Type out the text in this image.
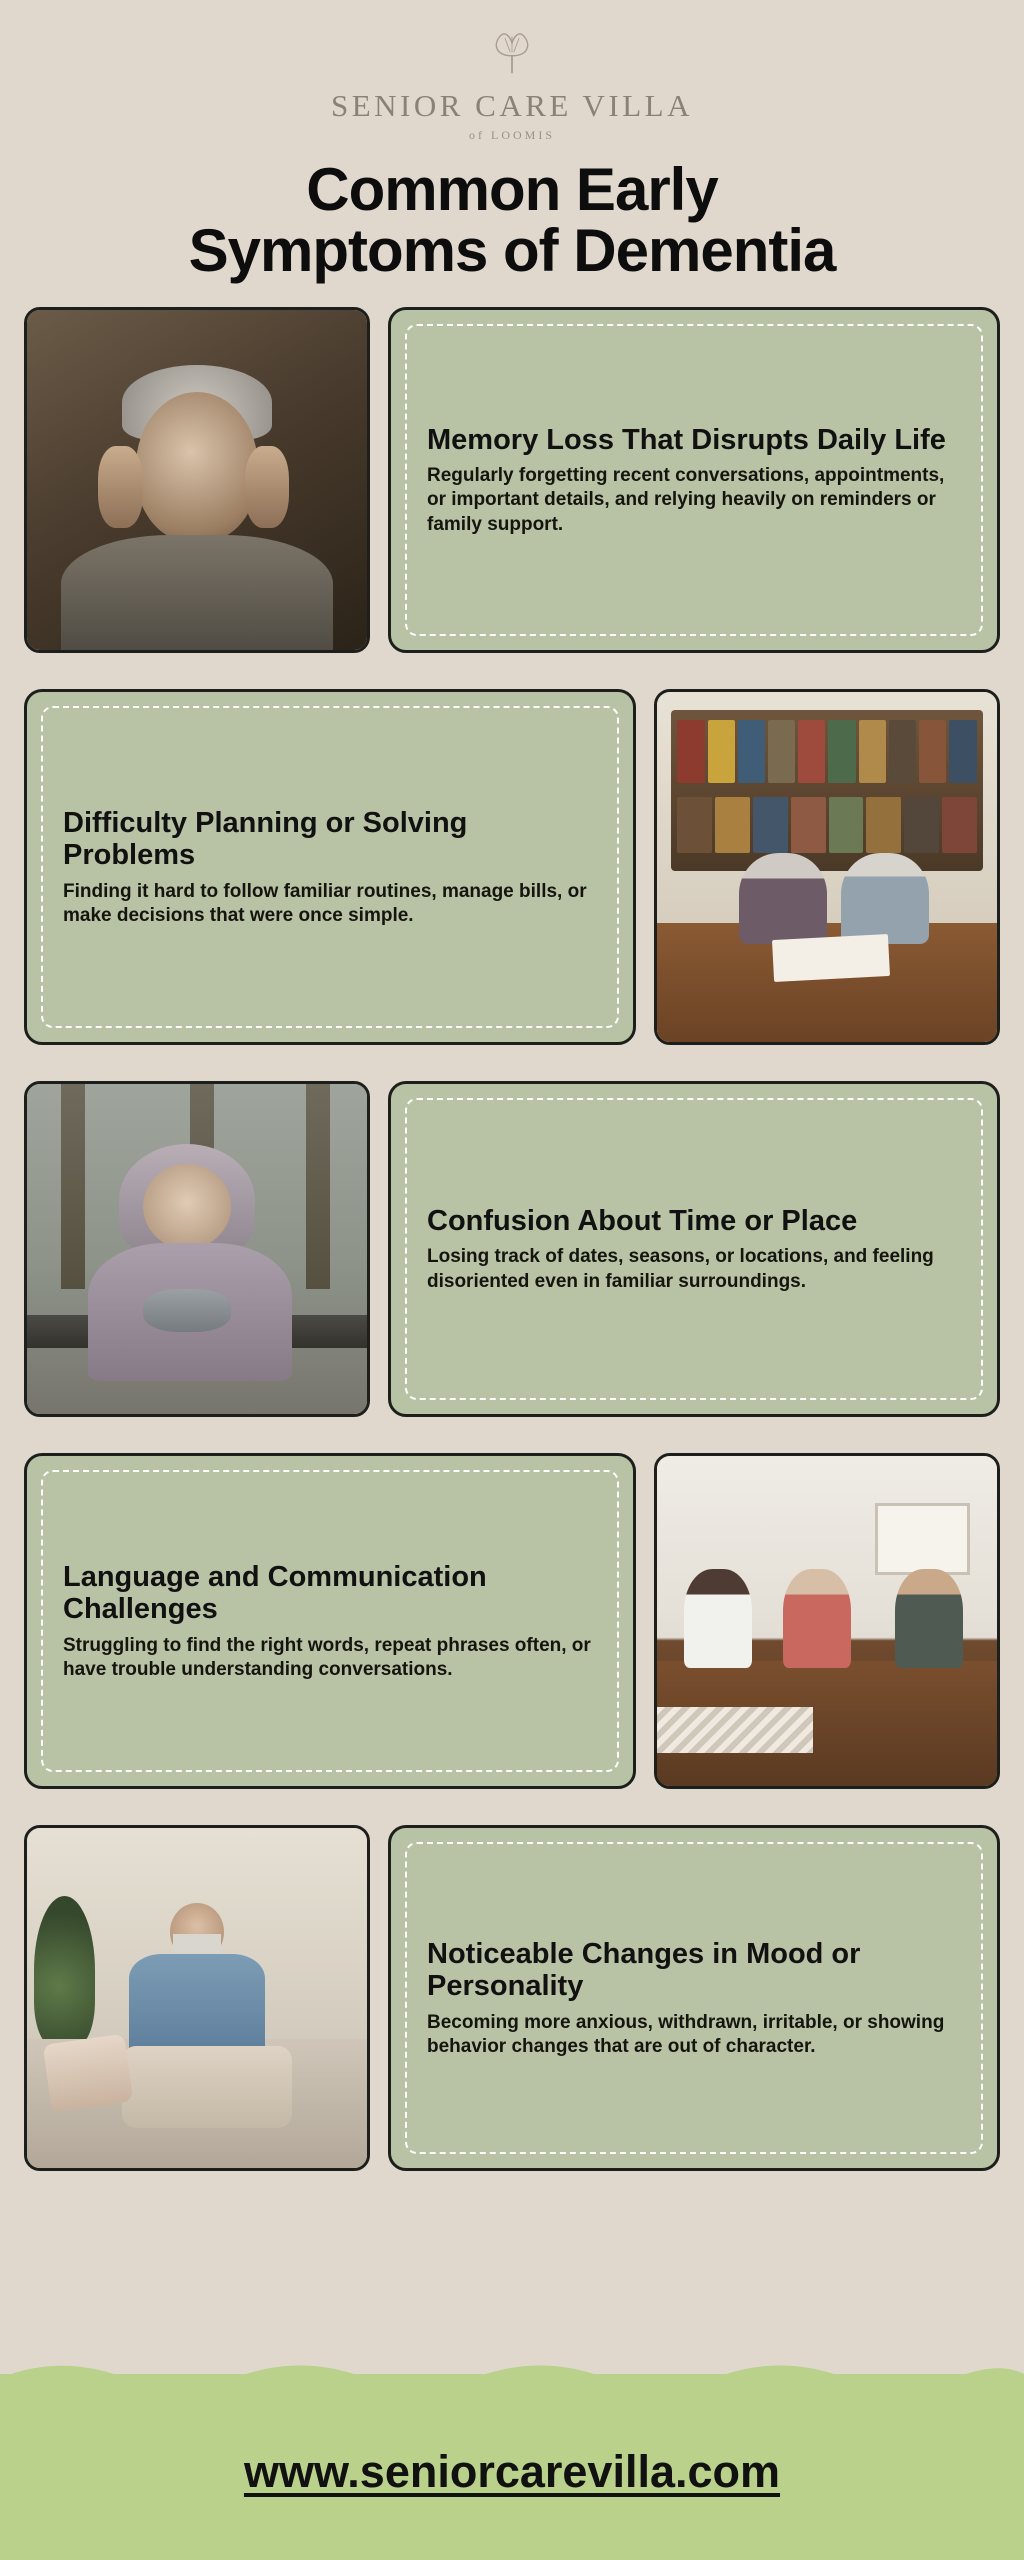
SENIOR CARE VILLA
of LOOMIS
Common Early
Symptoms of Dementia
Memory Loss That Disrupts Daily Life
Regularly forgetting recent conversations, appointments, or important details, and relying heavily on reminders or family support.
Difficulty Planning or Solving Problems
Finding it hard to follow familiar routines, manage bills, or make decisions that were once simple.
Confusion About Time or Place
Losing track of dates, seasons, or locations, and feeling disoriented even in familiar surroundings.
Language and Communication Challenges
Struggling to find the right words, repeat phrases often, or have trouble understanding conversations.
Noticeable Changes in Mood or Personality
Becoming more anxious, withdrawn, irritable, or showing behavior changes that are out of character.
www.seniorcarevilla.com
